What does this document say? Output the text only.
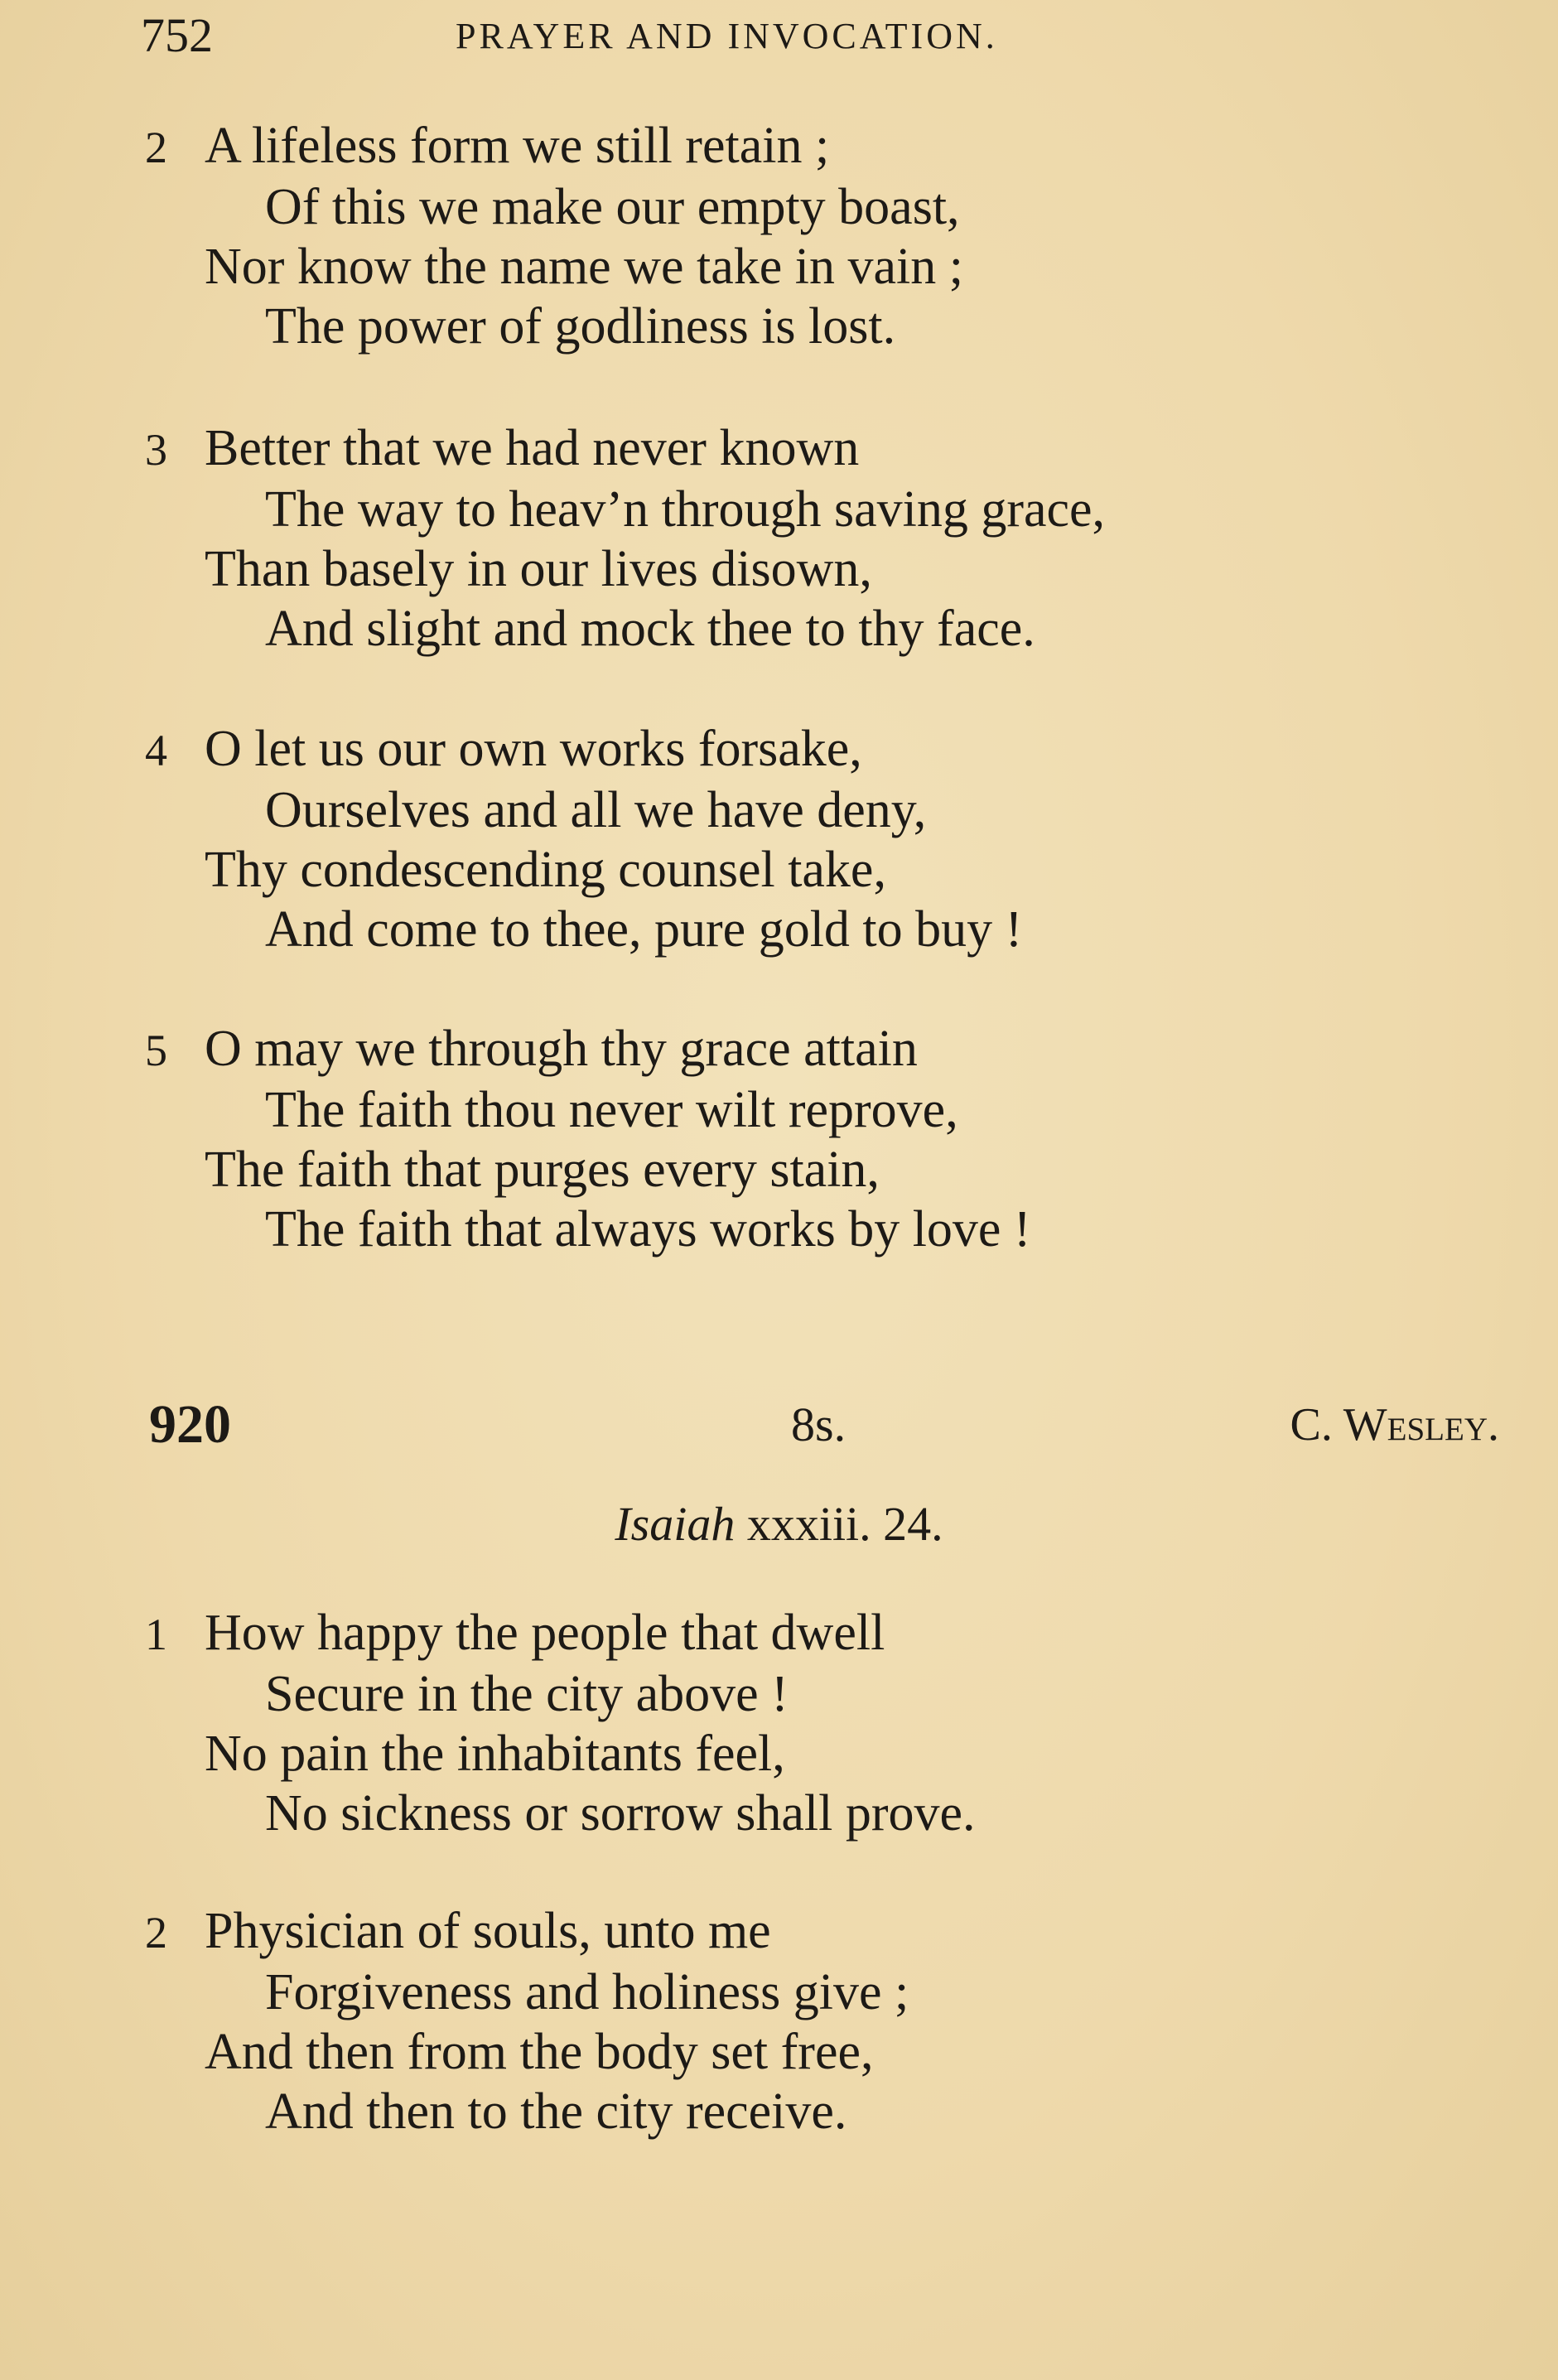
752	PRAYER AND INVOCATION.
2 A lifeless form we still retain ;
Of this we make our empty boast,
Nor know the name we take in vain ;
The power of godliness is lost.
3 Better that we had never known
The way to heav’n through saving grace,
Than basely in our lives disown,
And slight and mock thee to thy face.
4 O let us our own works forsake,
Ourselves and all we have deny,
Thy condescending counsel take,
And come to thee, pure gold to buy !
5 O may we through thy grace attain
The faith thou never wilt reprove,
The faith that purges every stain,
The faith that always works by love !
920	8s.	C. Wesley.
Isaiah xxxiii. 24.
1 How happy the people that dwell
Secure in the city above !
No pain the inhabitants feel,
No sickness or sorrow shall prove.
2 Physician of souls, unto me
Forgiveness and holiness give ;
And then from the body set free,
And then to the city receive.
